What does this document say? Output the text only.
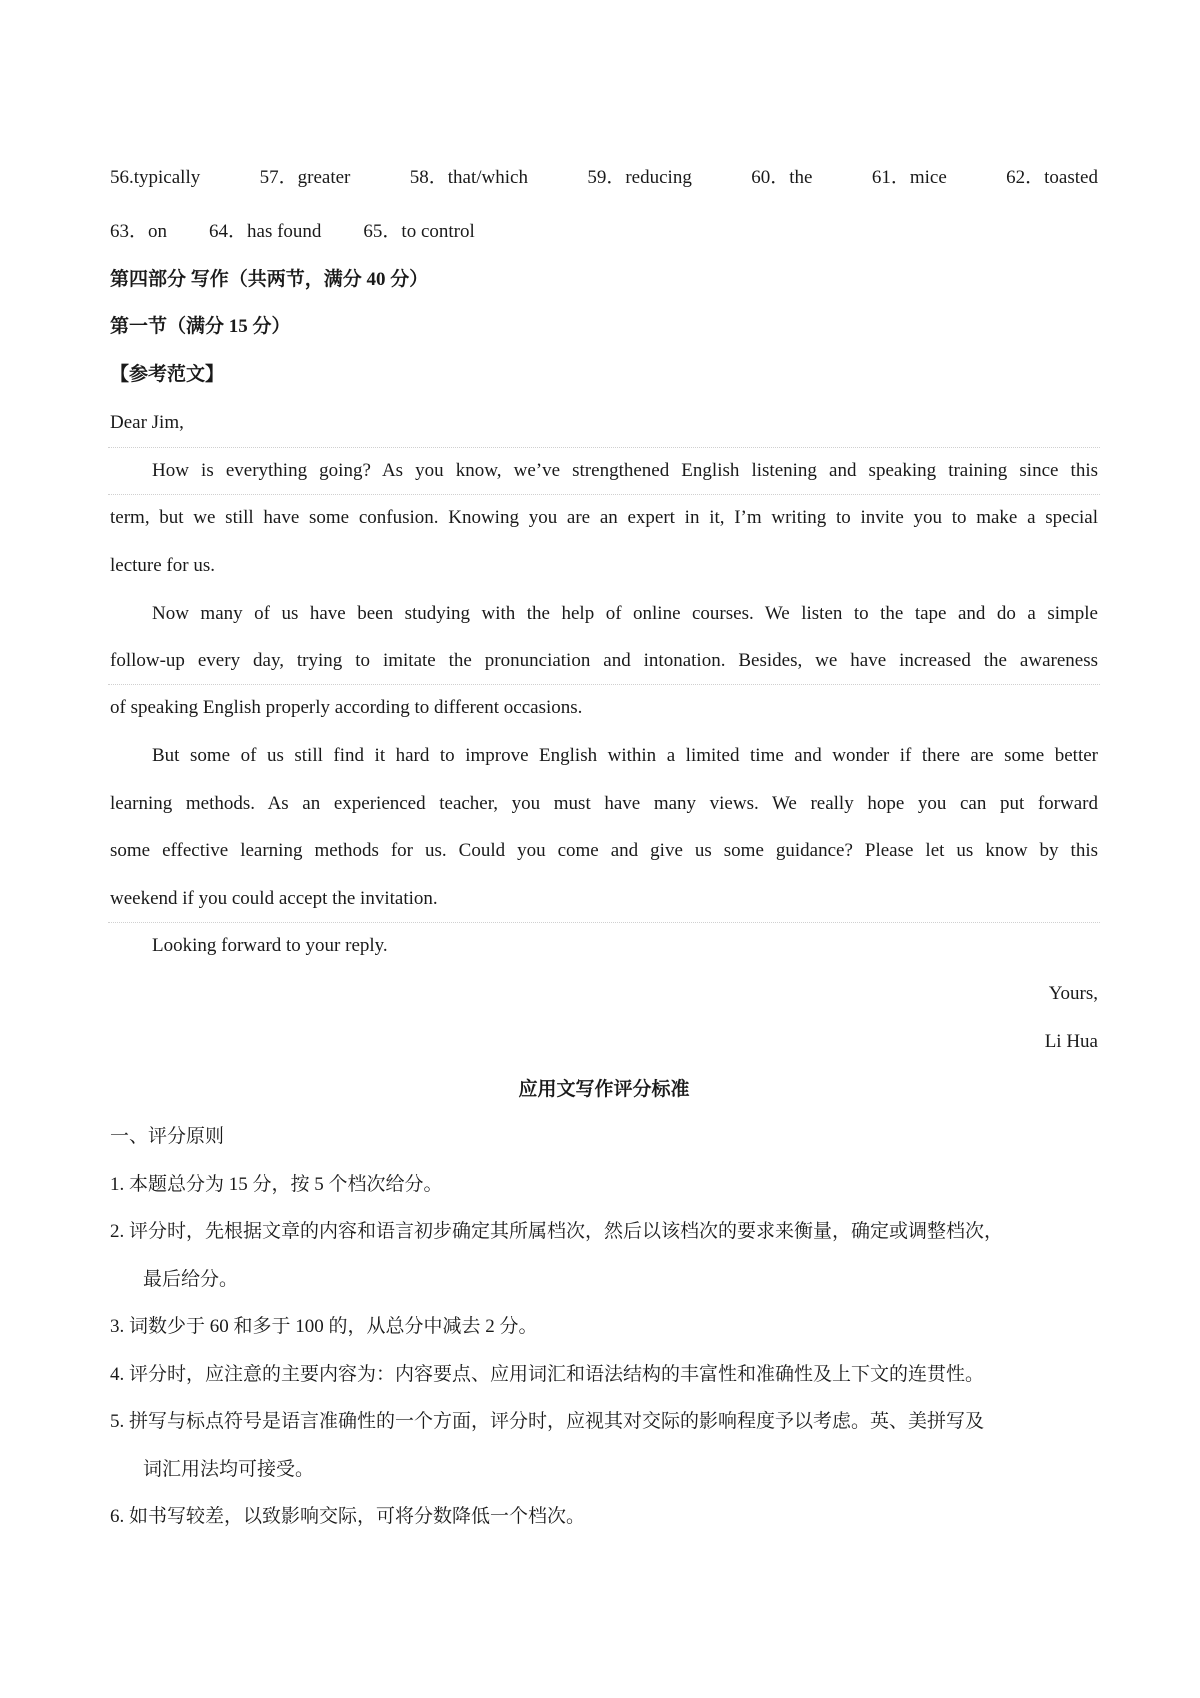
56.typically	57．greater	58．that/which	59．reducing	60．the	61．mice	62．toasted
63．on 64．has found 65．to control
第四部分 写作（共两节，满分 40 分）
第一节（满分 15 分）
【参考范文】
Dear Jim,
How is everything going? As you know, we’ve strengthened English listening and speaking training since this
term, but we still have some confusion. Knowing you are an expert in it, I’m writing to invite you to make a special
lecture for us.
Now many of us have been studying with the help of online courses. We listen to the tape and do a simple
follow-up every day, trying to imitate the pronunciation and intonation. Besides, we have increased the awareness
of speaking English properly according to different occasions.
But some of us still find it hard to improve English within a limited time and wonder if there are some better
learning methods. As an experienced teacher, you must have many views. We really hope you can put forward
some effective learning methods for us. Could you come and give us some guidance? Please let us know by this
weekend if you could accept the invitation.
Looking forward to your reply.
Yours,
Li Hua
应用文写作评分标准
一、评分原则
1. 本题总分为 15 分，按 5 个档次给分。
2. 评分时，先根据文章的内容和语言初步确定其所属档次，然后以该档次的要求来衡量，确定或调整档次，
最后给分。
3. 词数少于 60 和多于 100 的，从总分中减去 2 分。
4. 评分时，应注意的主要内容为：内容要点、应用词汇和语法结构的丰富性和准确性及上下文的连贯性。
5. 拼写与标点符号是语言准确性的一个方面，评分时，应视其对交际的影响程度予以考虑。英、美拼写及
词汇用法均可接受。
6. 如书写较差，以致影响交际，可将分数降低一个档次。
